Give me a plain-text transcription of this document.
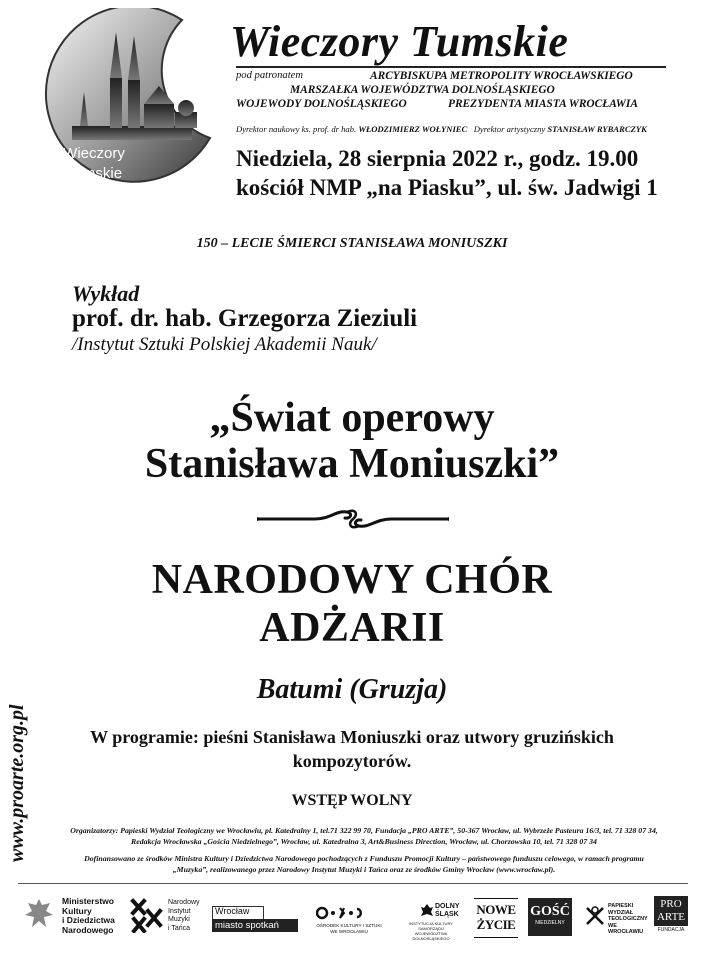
Wieczory
Tumskie
Wieczory Tumskie
pod patronatem	ARCYBISKUPA METROPOLITY WROCŁAWSKIEGO
MARSZAŁKA WOJEWÓDZTWA DOLNOŚLĄSKIEGO
WOJEWODY DOLNOŚLĄSKIEGO	PREZYDENTA MIASTA WROCŁAWIA
Dyrektor naukowy ks. prof. dr hab. WŁODZIMIERZ WOŁYNIEC Dyrektor artystyczny STANISŁAW RYBARCZYK
Niedziela, 28 sierpnia 2022 r., godz. 19.00
kościół NMP „na Piasku”, ul. św. Jadwigi 1
150 – LECIE ŚMIERCI STANISŁAWA MONIUSZKI
Wykład
prof. dr. hab. Grzegorza Zieziuli
/Instytut Sztuki Polskiej Akademii Nauk/
„Świat operowy
Stanisława Moniuszki”
NARODOWY CHÓR
ADŻARII
Batumi (Gruzja)
W programie: pieśni Stanisława Moniuszki oraz utwory gruzińskich
kompozytorów.
WSTĘP WOLNY
Organizatorzy: Papieski Wydział Teologiczny we Wrocławiu, pl. Katedralny 1, tel.71 322 99 70, Fundacja „PRO ARTE”, 50-367 Wrocław, ul. Wybrzeże Pasteura 16/3, tel. 71 328 07 34,
Redakcja Wrocławska „Gościa Niedzielnego”, Wrocław, ul. Katedralna 3, Art&Business Direction, Wrocław, ul. Chorzowska 10, tel. 71 328 07 34
Dofinansowano ze środków Ministra Kultury i Dziedzictwa Narodowego pochodzących z Funduszu Promocji Kultury – państwowego funduszu celowego, w ramach programu
„Muzyka”, realizowanego przez Narodowy Instytut Muzyki i Tańca oraz ze środków Gminy Wrocław (www.wrocław.pl).
www.proarte.org.pl
Ministerstwo
Kultury
i Dziedzictwa
Narodowego
Narodowy
Instytut
Muzyki
i Tańca
Wrocław
miasto spotkań	OŚRODEK KULTURY I SZTUKI
WE WROCŁAWIU
DOLNY
ŚLĄSK
INSTYTUCJA KULTURY SAMORZĄDU
WOJEWÓDZTWA DOLNOŚLĄSKIEGO
NOWE
ŻYCIE
GOŚĆ
NIEDZIELNY
PAPIESKI
WYDZIAŁ
TEOLOGICZNY
WE WROCŁAWIU
PRO
ARTE
FUNDACJA
